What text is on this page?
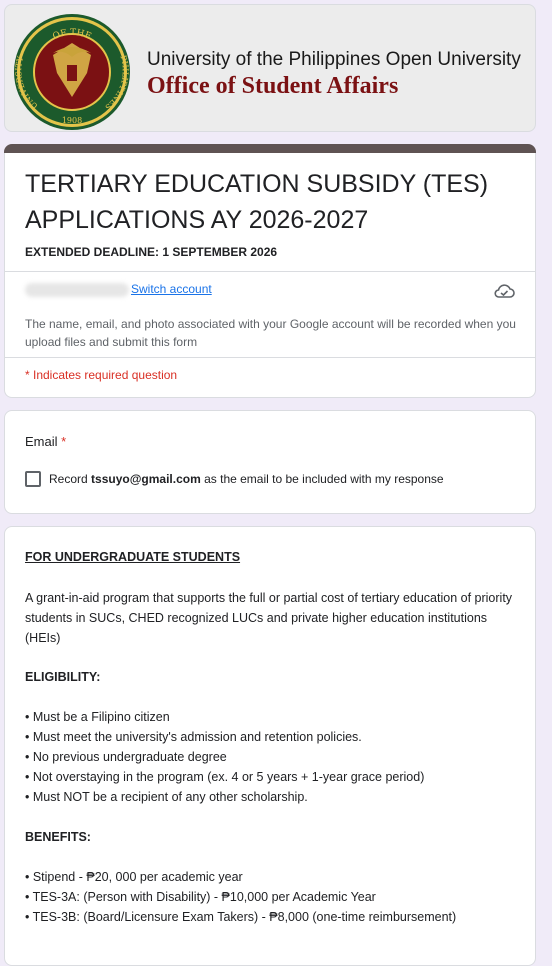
OF THE
UNIVERSITY	PHILIPPINES
1908
University of the Philippines Open University
Office of Student Affairs
TERTIARY EDUCATION SUBSIDY (TES) APPLICATIONS AY 2026-2027
EXTENDED DEADLINE: 1 SEPTEMBER 2026
Switch account
The name, email, and photo associated with your Google account will be recorded when you upload files and submit this form
* Indicates required question
Email *
Record tssuyo@gmail.com as the email to be included with my response
FOR UNDERGRADUATE STUDENTS
A grant-in-aid program that supports the full or partial cost of tertiary education of priority students in SUCs, CHED recognized LUCs and private higher education institutions (HEIs)
ELIGIBILITY:
• Must be a Filipino citizen
• Must meet the university's admission and retention policies.
• No previous undergraduate degree
• Not overstaying in the program (ex. 4 or 5 years + 1-year grace period)
• Must NOT be a recipient of any other scholarship.
BENEFITS:
• Stipend - ₱20, 000 per academic year
• TES-3A: (Person with Disability) - ₱10,000 per Academic Year
• TES-3B: (Board/Licensure Exam Takers) - ₱8,000 (one-time reimbursement)
